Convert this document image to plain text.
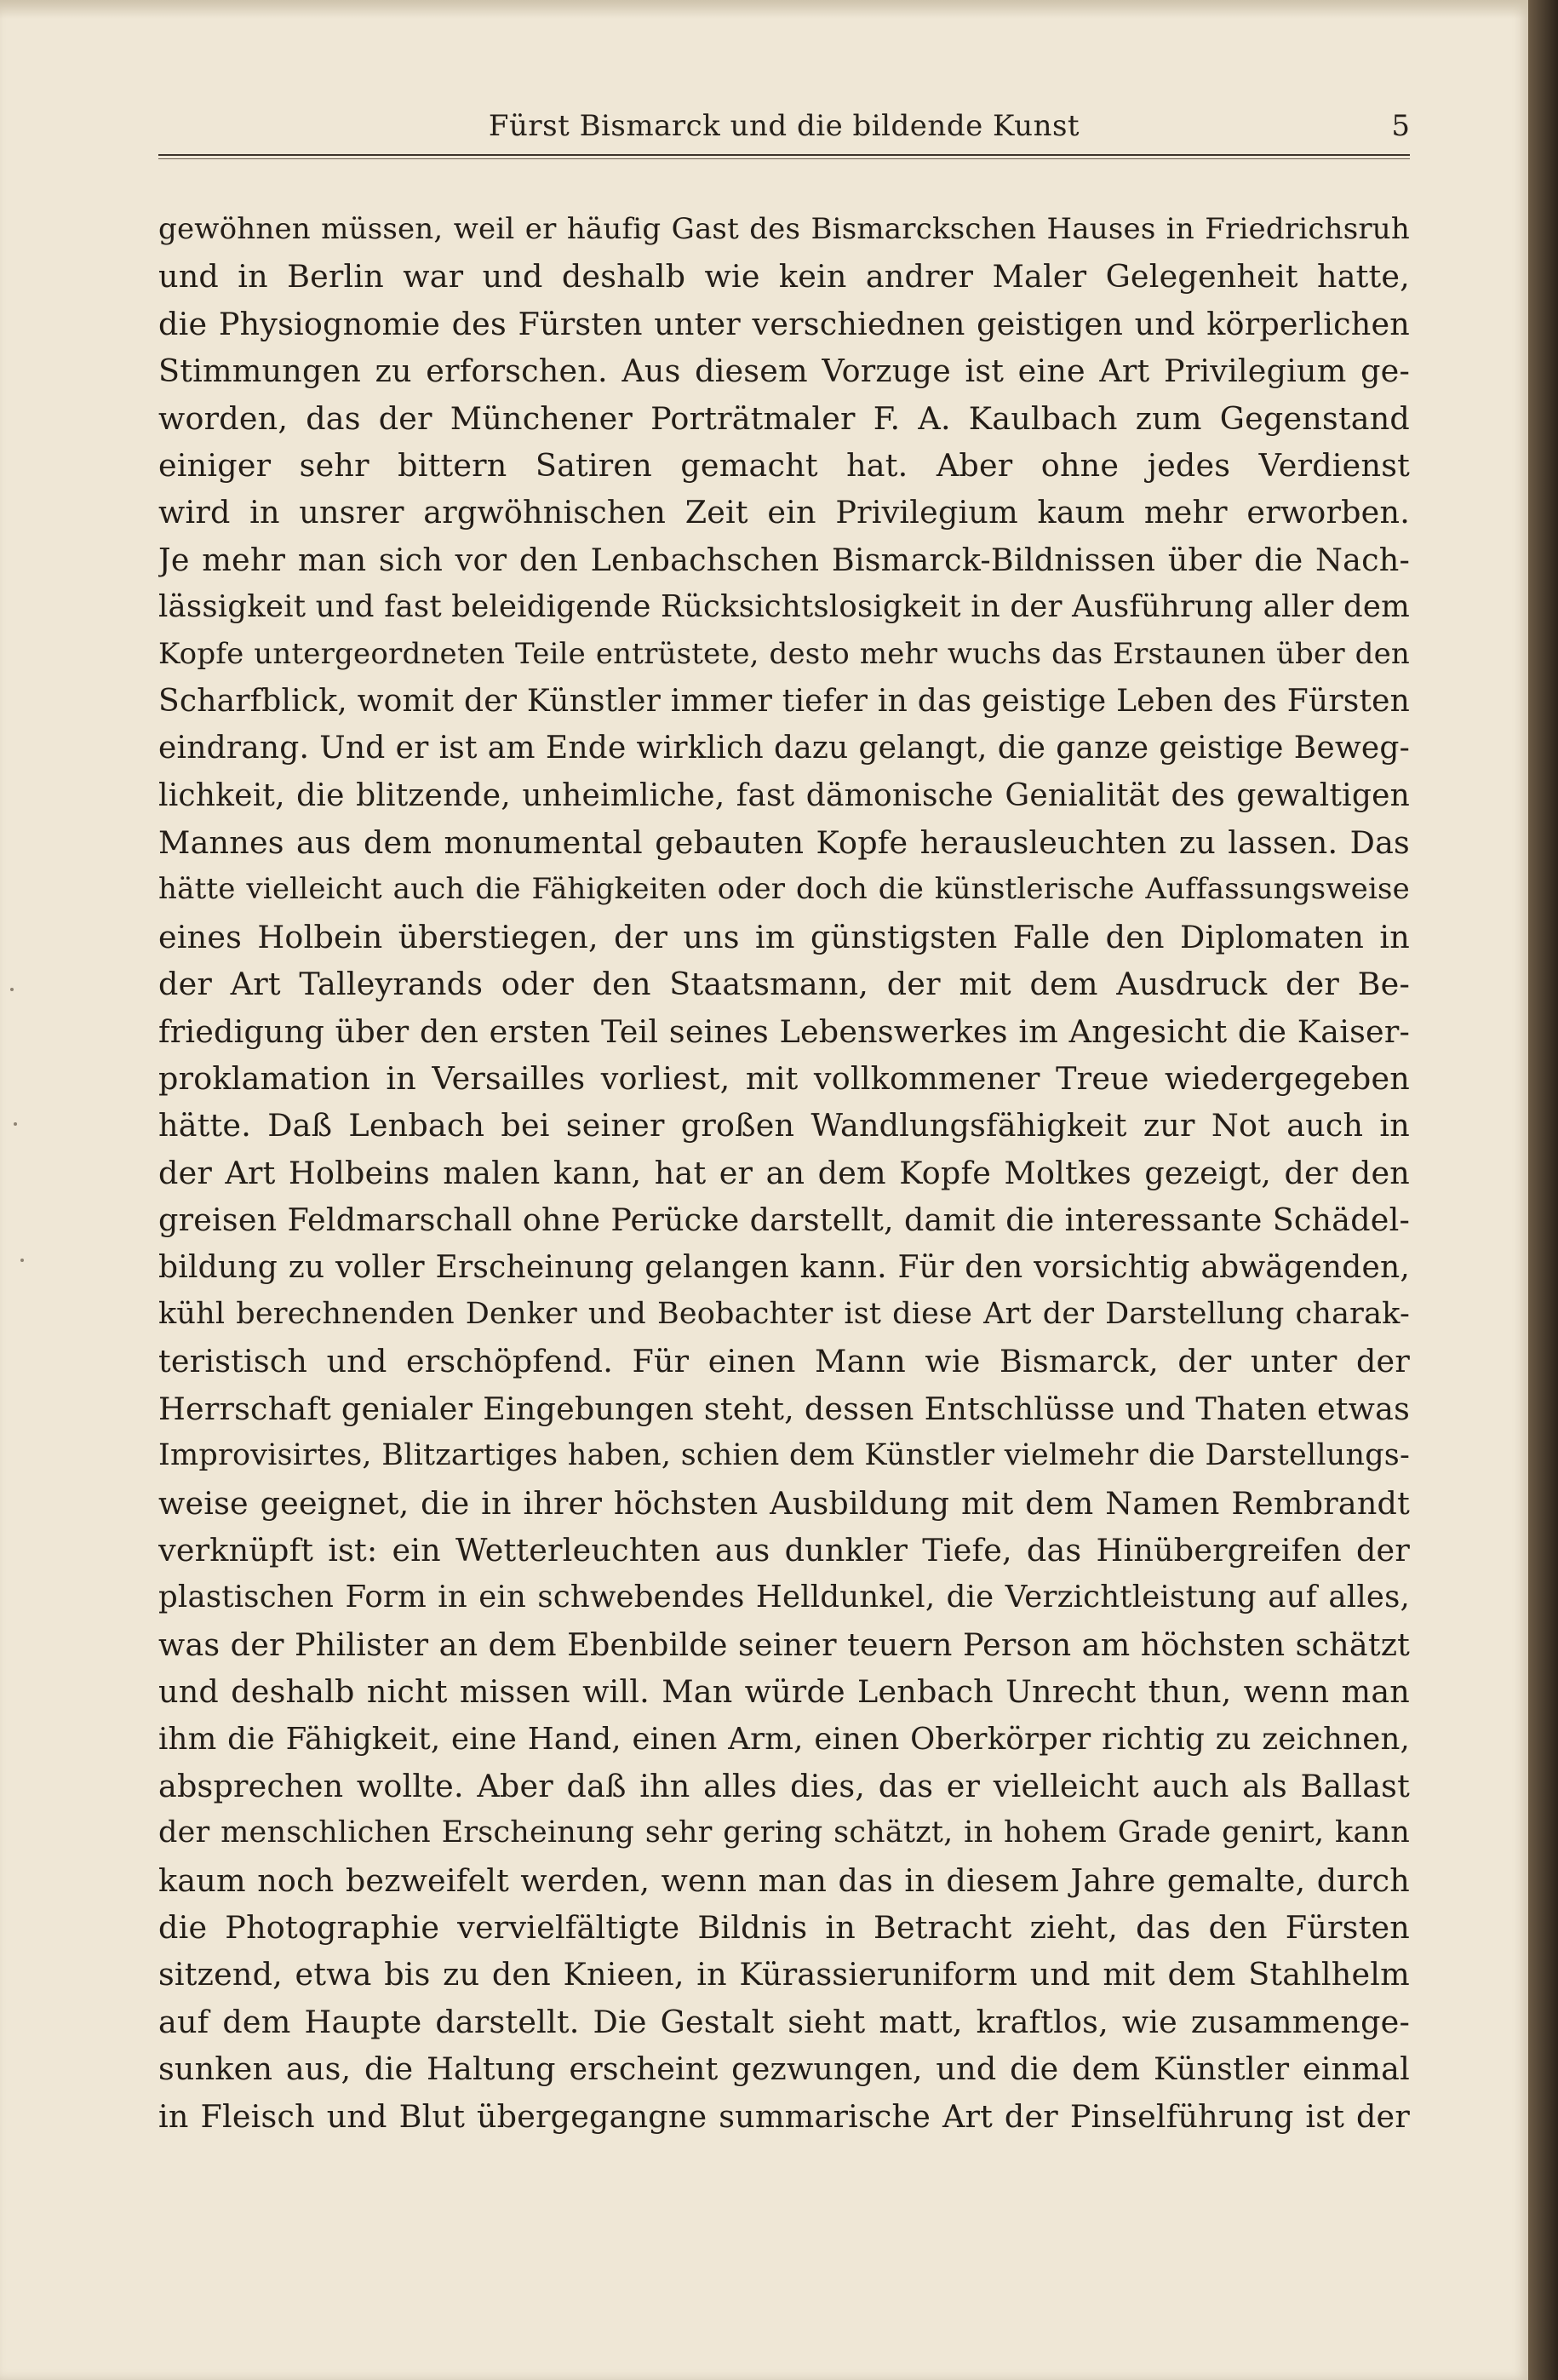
Fürst Bismarck und die bildende Kunst	5
gewöhnen müssen, weil er häufig Gast des Bismarckschen Hauses in Friedrichsruh
und in Berlin war und deshalb wie kein andrer Maler Gelegenheit hatte,
die Physiognomie des Fürsten unter verschiednen geistigen und körperlichen
Stimmungen zu erforschen. Aus diesem Vorzuge ist eine Art Privilegium ge-
worden, das der Münchener Porträtmaler F. A. Kaulbach zum Gegenstand
einiger sehr bittern Satiren gemacht hat. Aber ohne jedes Verdienst
wird in unsrer argwöhnischen Zeit ein Privilegium kaum mehr erworben.
Je mehr man sich vor den Lenbachschen Bismarck-Bildnissen über die Nach-
lässigkeit und fast beleidigende Rücksichtslosigkeit in der Ausführung aller dem
Kopfe untergeordneten Teile entrüstete, desto mehr wuchs das Erstaunen über den
Scharfblick, womit der Künstler immer tiefer in das geistige Leben des Fürsten
eindrang. Und er ist am Ende wirklich dazu gelangt, die ganze geistige Beweg-
lichkeit, die blitzende, unheimliche, fast dämonische Genialität des gewaltigen
Mannes aus dem monumental gebauten Kopfe herausleuchten zu lassen. Das
hätte vielleicht auch die Fähigkeiten oder doch die künstlerische Auffassungsweise
eines Holbein überstiegen, der uns im günstigsten Falle den Diplomaten in
der Art Talleyrands oder den Staatsmann, der mit dem Ausdruck der Be-
friedigung über den ersten Teil seines Lebenswerkes im Angesicht die Kaiser-
proklamation in Versailles vorliest, mit vollkommener Treue wiedergegeben
hätte. Daß Lenbach bei seiner großen Wandlungsfähigkeit zur Not auch in
der Art Holbeins malen kann, hat er an dem Kopfe Moltkes gezeigt, der den
greisen Feldmarschall ohne Perücke darstellt, damit die interessante Schädel-
bildung zu voller Erscheinung gelangen kann. Für den vorsichtig abwägenden,
kühl berechnenden Denker und Beobachter ist diese Art der Darstellung charak-
teristisch und erschöpfend. Für einen Mann wie Bismarck, der unter der
Herrschaft genialer Eingebungen steht, dessen Entschlüsse und Thaten etwas
Improvisirtes, Blitzartiges haben, schien dem Künstler vielmehr die Darstellungs-
weise geeignet, die in ihrer höchsten Ausbildung mit dem Namen Rembrandt
verknüpft ist: ein Wetterleuchten aus dunkler Tiefe, das Hinübergreifen der
plastischen Form in ein schwebendes Helldunkel, die Verzichtleistung auf alles,
was der Philister an dem Ebenbilde seiner teuern Person am höchsten schätzt
und deshalb nicht missen will. Man würde Lenbach Unrecht thun, wenn man
ihm die Fähigkeit, eine Hand, einen Arm, einen Oberkörper richtig zu zeichnen,
absprechen wollte. Aber daß ihn alles dies, das er vielleicht auch als Ballast
der menschlichen Erscheinung sehr gering schätzt, in hohem Grade genirt, kann
kaum noch bezweifelt werden, wenn man das in diesem Jahre gemalte, durch
die Photographie vervielfältigte Bildnis in Betracht zieht, das den Fürsten
sitzend, etwa bis zu den Knieen, in Kürassieruniform und mit dem Stahlhelm
auf dem Haupte darstellt. Die Gestalt sieht matt, kraftlos, wie zusammenge-
sunken aus, die Haltung erscheint gezwungen, und die dem Künstler einmal
in Fleisch und Blut übergegangne summarische Art der Pinselführung ist der
